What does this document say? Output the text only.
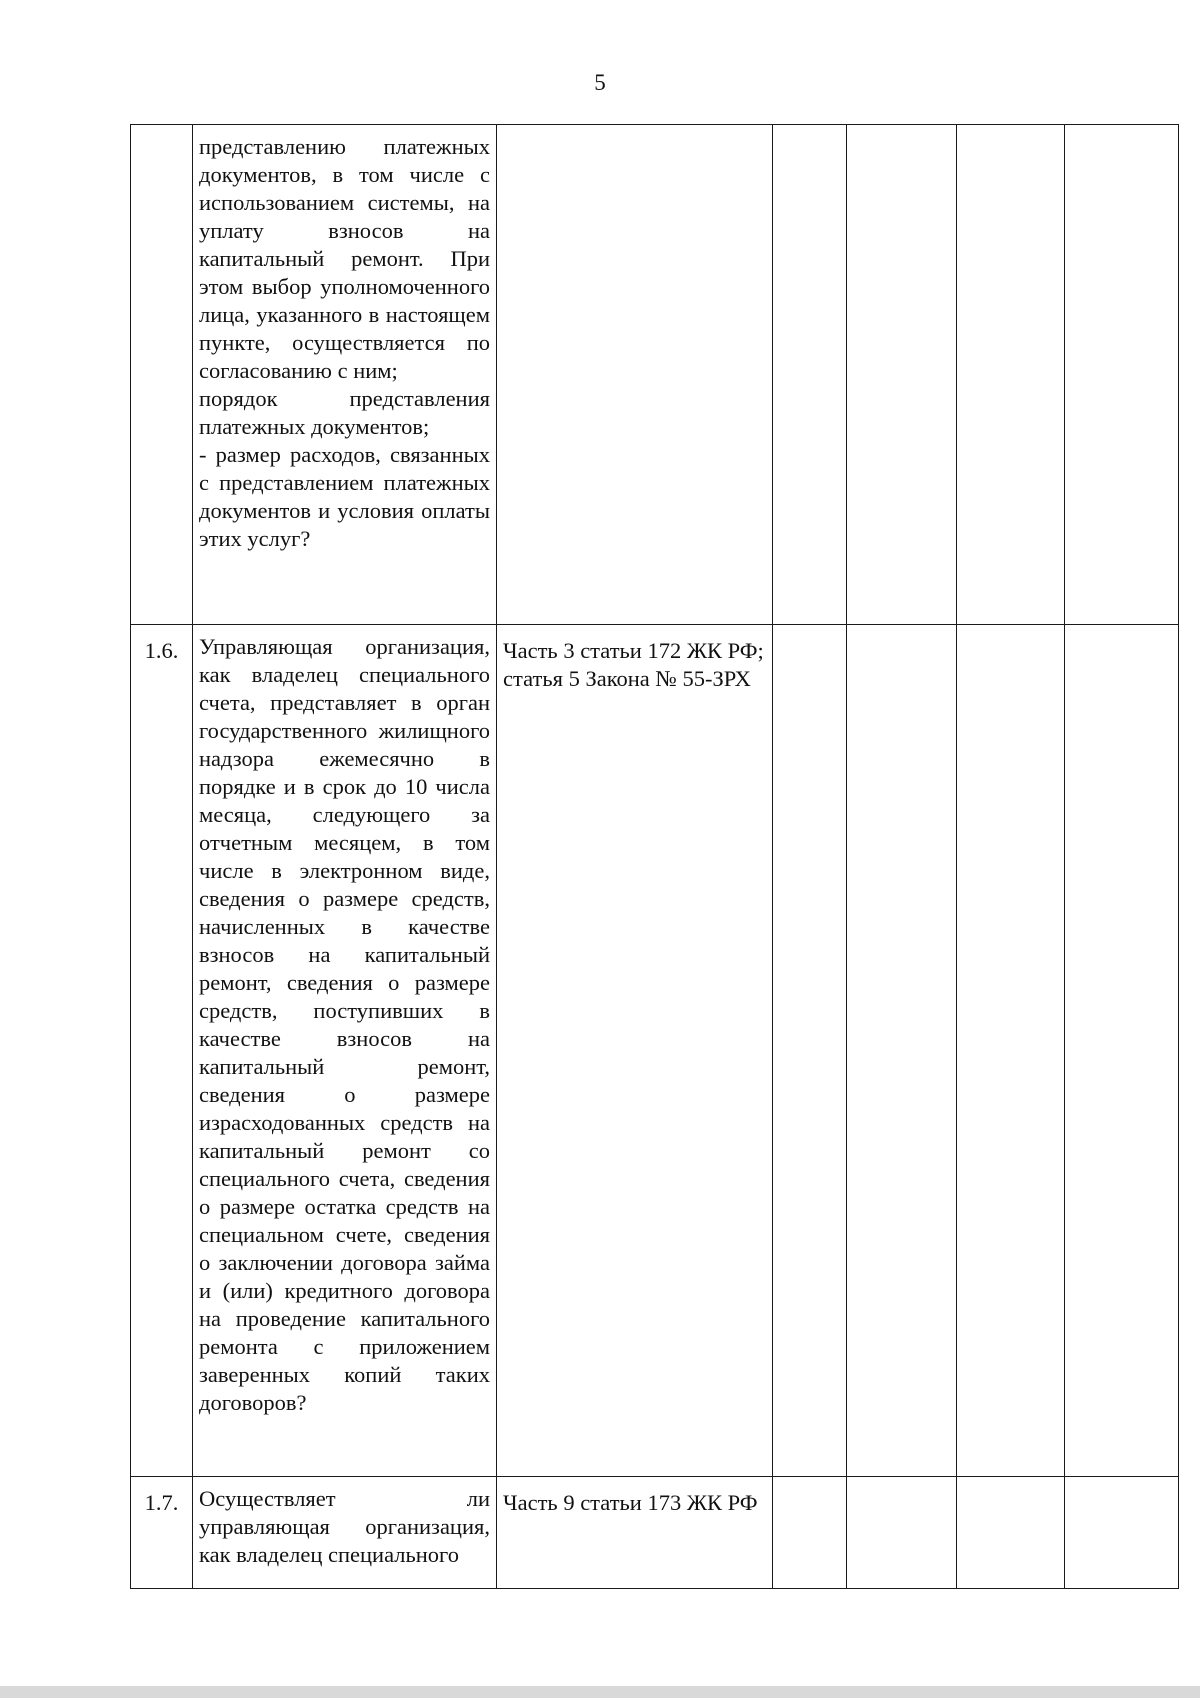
5

	представлению платежных документов, в том числе с использованием системы, на уплату взносов на капитальный ремонт. При этом выбор уполномоченного лица, указанного в настоящем пункте, осуществляется по согласованию с ним;
порядок представления платежных документов;
- размер расходов, связанных с представлением платежных документов и условия оплаты этих услуг?					

1.6.	Управляющая организация, как владелец специального счета, представляет в орган государственного жилищного надзора ежемесячно в порядке и в срок до 10 числа месяца, следующего за отчетным месяцем, в том числе в электронном виде, сведения о размере средств, начисленных в качестве взносов на капитальный ремонт, сведения о размере средств, поступивших в качестве взносов на капитальный ремонт, сведения о размере израсходованных средств на капитальный ремонт со специального счета, сведения о размере остатка средств на специальном счете, сведения о заключении договора займа и (или) кредитного договора на проведение капитального ремонта с приложением заверенных копий таких договоров?	Часть 3 статьи 172 ЖК РФ;
статья 5 Закона № 55-ЗРХ				

1.7.	Осуществляет ли управляющая организация, как владелец специального	Часть 9 статьи 173 ЖК РФ				
